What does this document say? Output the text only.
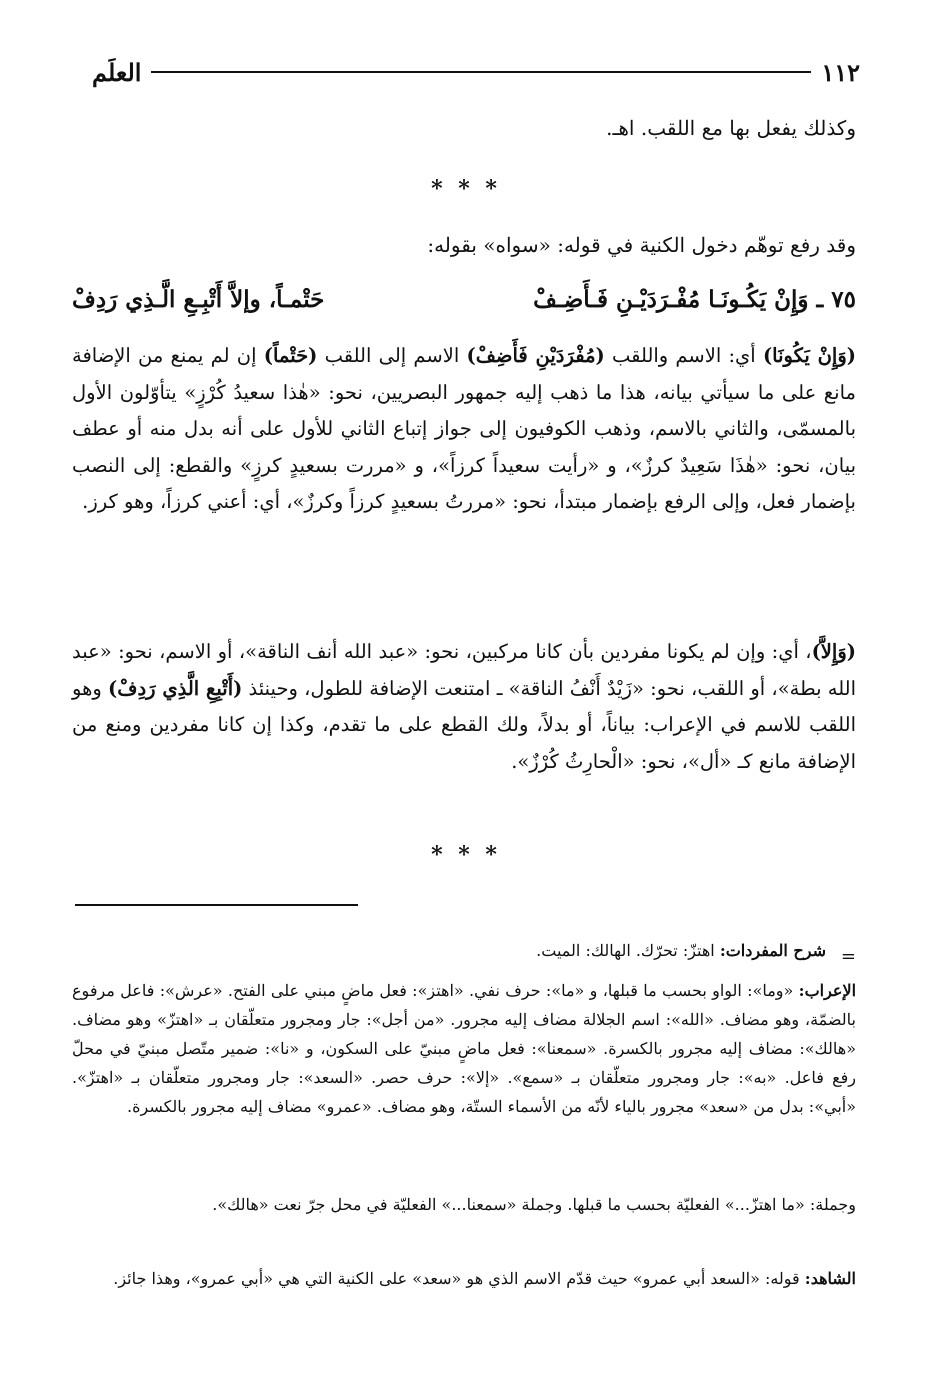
١١٢
العلَم
وكذلك يفعل بها مع اللقب. اهـ.
* * *
وقد رفع توهّم دخول الكنية في قوله: «سواه» بقوله:
٧٥ ـ وَإِنْ يَكُـونَـا مُفْـرَدَيْـنِ فَـأَضِـفْ
حَتْمـاً، وإلاَّ أَتْبِـعِ الَّـذِي رَدِفْ
(وَإِنْ يَكُونَا) أي: الاسم واللقب (مُفْرَدَيْنِ فَأَضِفْ) الاسم إلى اللقب (حَتْماً) إن لم يمنع من الإضافة مانع على ما سيأتي بيانه، هذا ما ذهب إليه جمهور البصريين، نحو: «هٰذا سعيدُ كُرْزٍ» يتأوّلون الأول بالمسمّى، والثاني بالاسم، وذهب الكوفيون إلى جواز إتباع الثاني للأول على أنه بدل منه أو عطف بيان، نحو: «هٰذَا سَعِيدٌ كرزٌ»، و «رأيت سعيداً كرزاً»، و «مررت بسعيدٍ كرزٍ» والقطع: إلى النصب بإضمار فعل، وإلى الرفع بإضمار مبتدأ، نحو: «مررتُ بسعيدٍ كرزاً وكرزٌ»، أي: أعني كرزاً، وهو كرز.
(وَإِلاَّ)، أي: وإن لم يكونا مفردين بأن كانا مركبين، نحو: «عبد الله أنف الناقة»، أو الاسم، نحو: «عبد الله بطة»، أو اللقب، نحو: «زَيْدٌ أَنْفُ الناقة» ـ امتنعت الإضافة للطول، وحينئذ (أَتْبِعِ الَّذِي رَدِفْ) وهو اللقب للاسم في الإعراب: بياناً، أو بدلاً، ولك القطع على ما تقدم، وكذا إن كانا مفردين ومنع من الإضافة مانع كـ «أل»، نحو: «الْحارِثُ كُرْزٌ».
* * *
شرح المفردات: اهتزّ: تحرّك. الهالك: الميت.	=
الإعراب: «وما»: الواو بحسب ما قبلها، و «ما»: حرف نفي. «اهتز»: فعل ماضٍ مبني على الفتح. «عرش»: فاعل مرفوع بالضمّة، وهو مضاف. «الله»: اسم الجلالة مضاف إليه مجرور. «من أجل»: جار ومجرور متعلّقان بـ «اهتزّ» وهو مضاف. «هالك»: مضاف إليه مجرور بالكسرة. «سمعنا»: فعل ماضٍ مبنيّ على السكون، و «نا»: ضمير متّصل مبنيّ في محلّ رفع فاعل. «به»: جار ومجرور متعلّقان بـ «سمع». «إلا»: حرف حصر. «السعد»: جار ومجرور متعلّقان بـ «اهتزّ». «أبي»: بدل من «سعد» مجرور بالياء لأنّه من الأسماء الستّة، وهو مضاف. «عمرو» مضاف إليه مجرور بالكسرة.
وجملة: «ما اهتزّ...» الفعليّة بحسب ما قبلها. وجملة «سمعنا...» الفعليّة في محل جرّ نعت «هالك».
الشاهد: قوله: «السعد أبي عمرو» حيث قدّم الاسم الذي هو «سعد» على الكنية التي هي «أبي عمرو»، وهذا جائز.
